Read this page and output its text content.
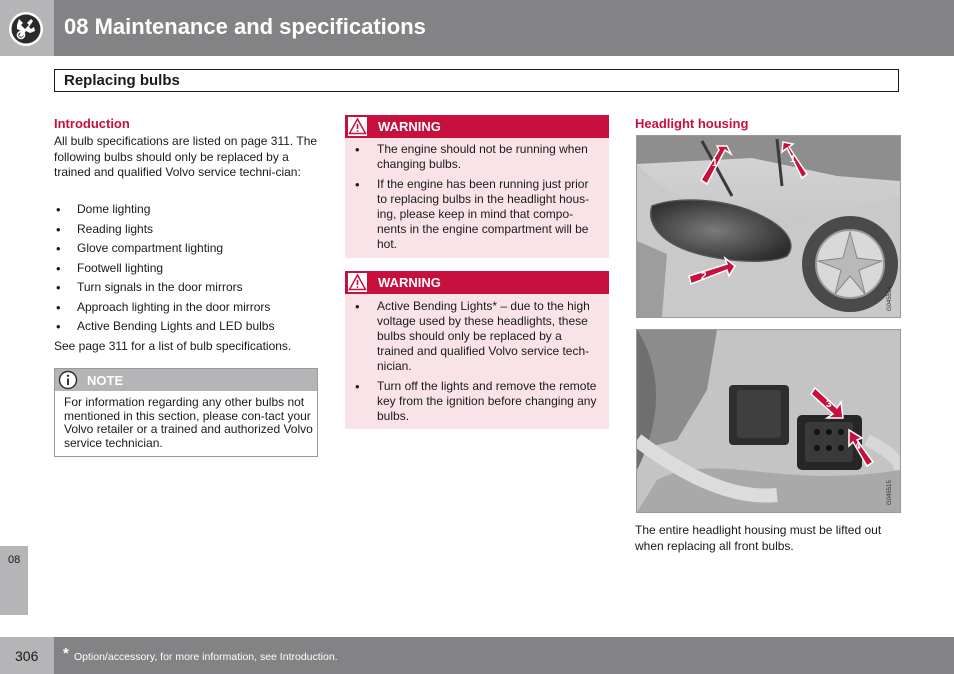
08 Maintenance and specifications
Replacing bulbs
Introduction
All bulb specifications are listed on page 311. The following bulbs should only be replaced by a trained and qualified Volvo service techni-cian:
• Dome lighting
• Reading lights
• Glove compartment lighting
• Footwell lighting
• Turn signals in the door mirrors
• Approach lighting in the door mirrors
• Active Bending Lights and LED bulbs
See page 311 for a list of bulb specifications.
NOTE
For information regarding any other bulbs not mentioned in this section, please con-tact your Volvo retailer or a trained and authorized Volvo service technician.
WARNING
• The engine should not be running when changing bulbs.
• If the engine has been running just prior to replacing bulbs in the headlight hous-ing, please keep in mind that compo-nents in the engine compartment will be hot.
WARNING
• Active Bending Lights* – due to the high voltage used by these headlights, these bulbs should only be replaced by a trained and qualified Volvo service tech-nician.
• Turn off the lights and remove the remote key from the ignition before changing any bulbs.
Headlight housing
1	1
2
G045514
3
4
G045515
The entire headlight housing must be lifted out when replacing all front bulbs.
08
306 * Option/accessory, for more information, see Introduction.
